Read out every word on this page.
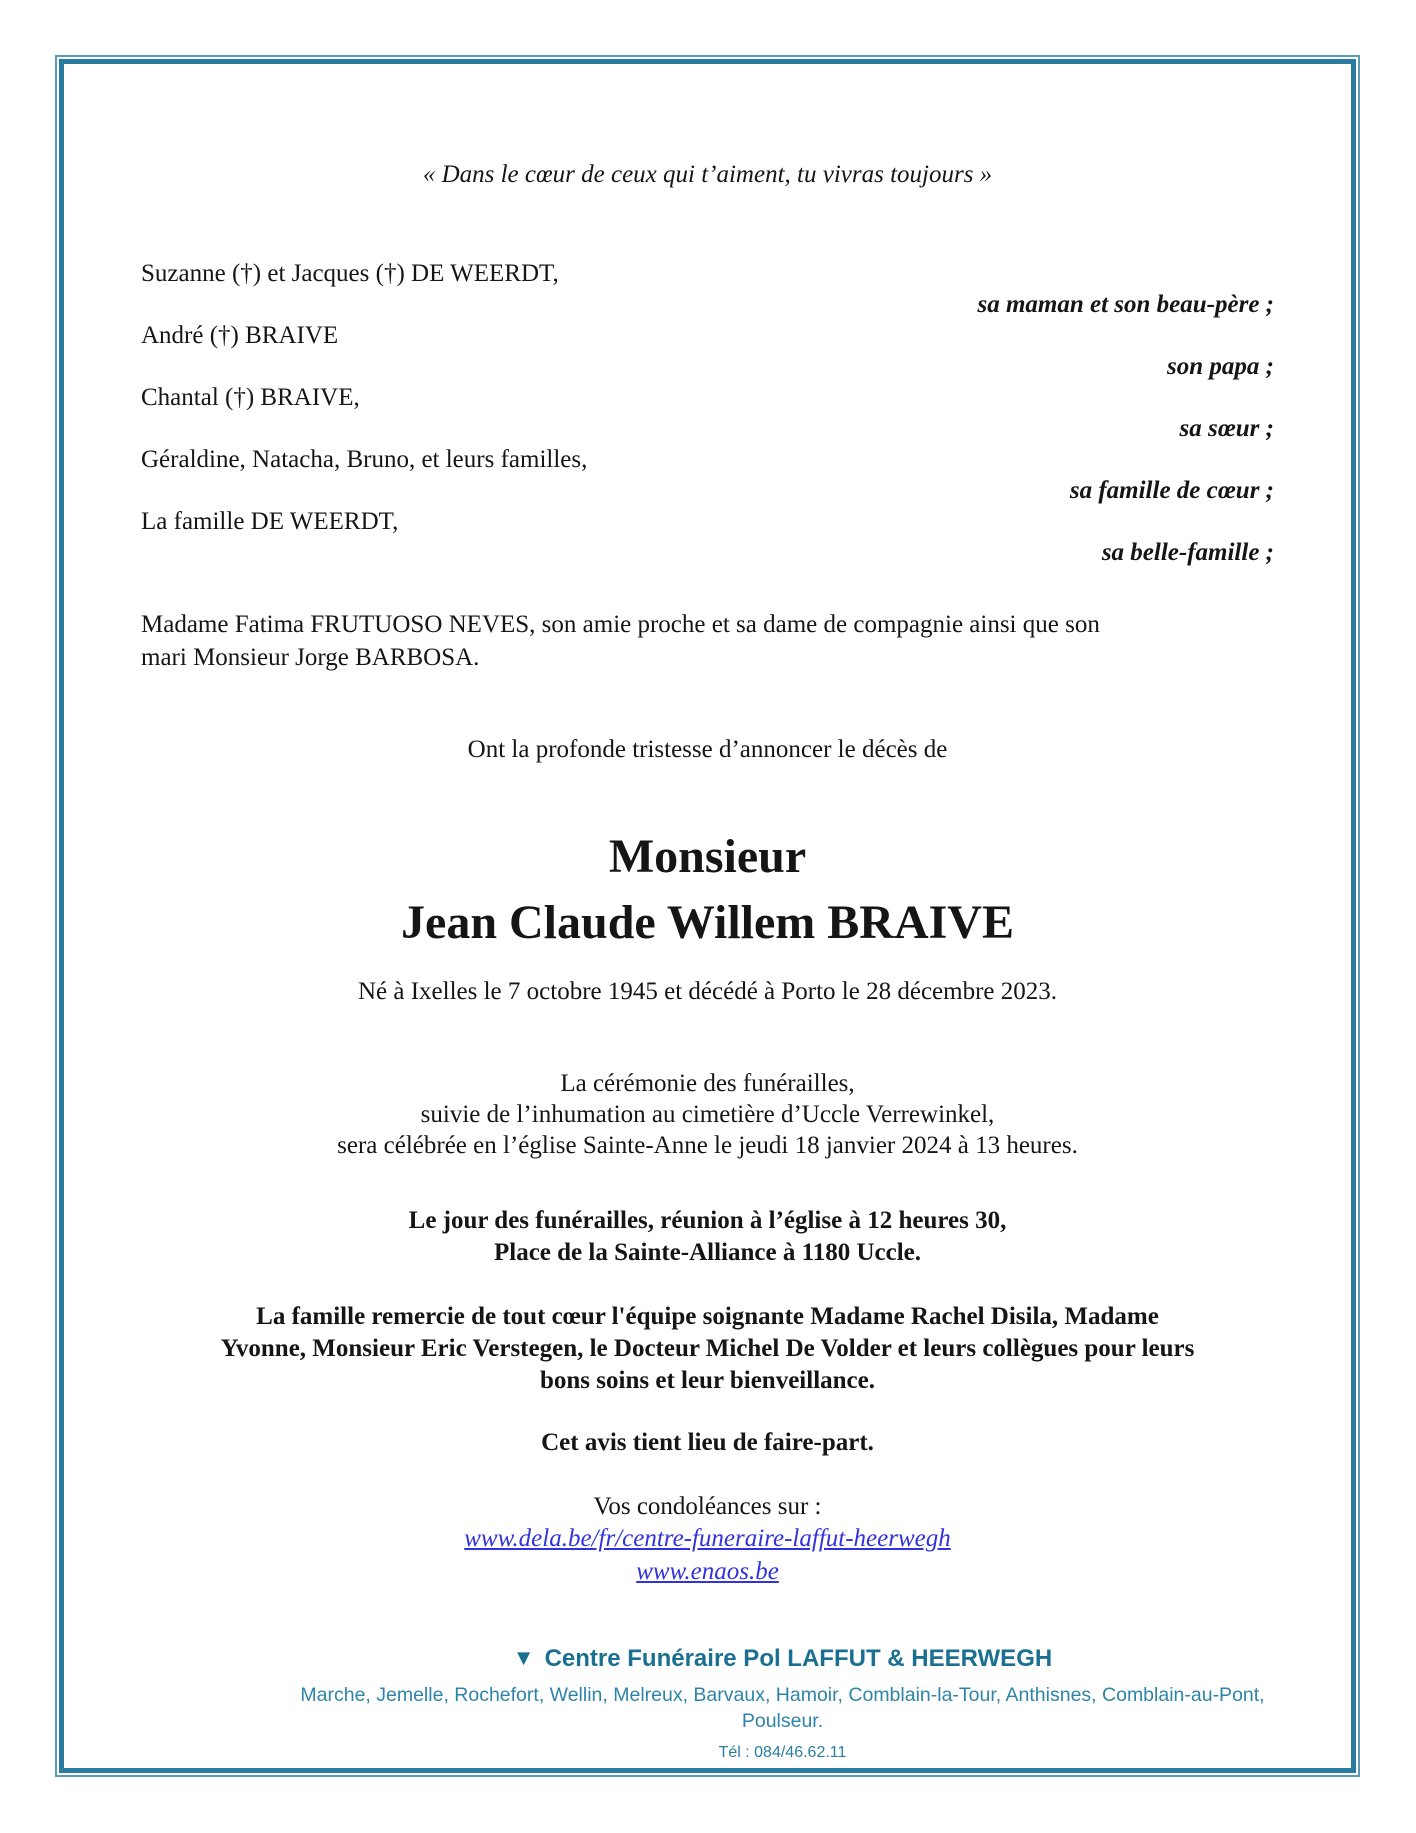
« Dans le cœur de ceux qui t’aiment, tu vivras toujours »
Suzanne (†) et Jacques (†) DE WEERDT,
sa maman et son beau-père ;
André (†) BRAIVE
son papa ;
Chantal (†) BRAIVE,
sa sœur ;
Géraldine, Natacha, Bruno, et leurs familles,
sa famille de cœur ;
La famille DE WEERDT,
sa belle-famille ;
Madame Fatima FRUTUOSO NEVES, son amie proche et sa dame de compagnie ainsi que son
mari Monsieur Jorge BARBOSA.
Ont la profonde tristesse d’annoncer le décès de
Monsieur
Jean Claude Willem BRAIVE
Né à Ixelles le 7 octobre 1945 et décédé à Porto le 28 décembre 2023.
La cérémonie des funérailles,
suivie de l’inhumation au cimetière d’Uccle Verrewinkel,
sera célébrée en l’église Sainte-Anne le jeudi 18 janvier 2024 à 13 heures.
Le jour des funérailles, réunion à l’église à 12 heures 30,
Place de la Sainte-Alliance à 1180 Uccle.
La famille remercie de tout cœur l'équipe soignante Madame Rachel Disila, Madame
Yvonne, Monsieur Eric Verstegen, le Docteur Michel De Volder et leurs collègues pour leurs
bons soins et leur bienveillance.
Cet avis tient lieu de faire-part.
Vos condoléances sur :
www.dela.be/fr/centre-funeraire-laffut-heerwegh
www.enaos.be
▼ Centre Funéraire Pol LAFFUT & HEERWEGH
Marche, Jemelle, Rochefort, Wellin, Melreux, Barvaux, Hamoir, Comblain-la-Tour, Anthisnes, Comblain-au-Pont, Poulseur.
Tél : 084/46.62.11
